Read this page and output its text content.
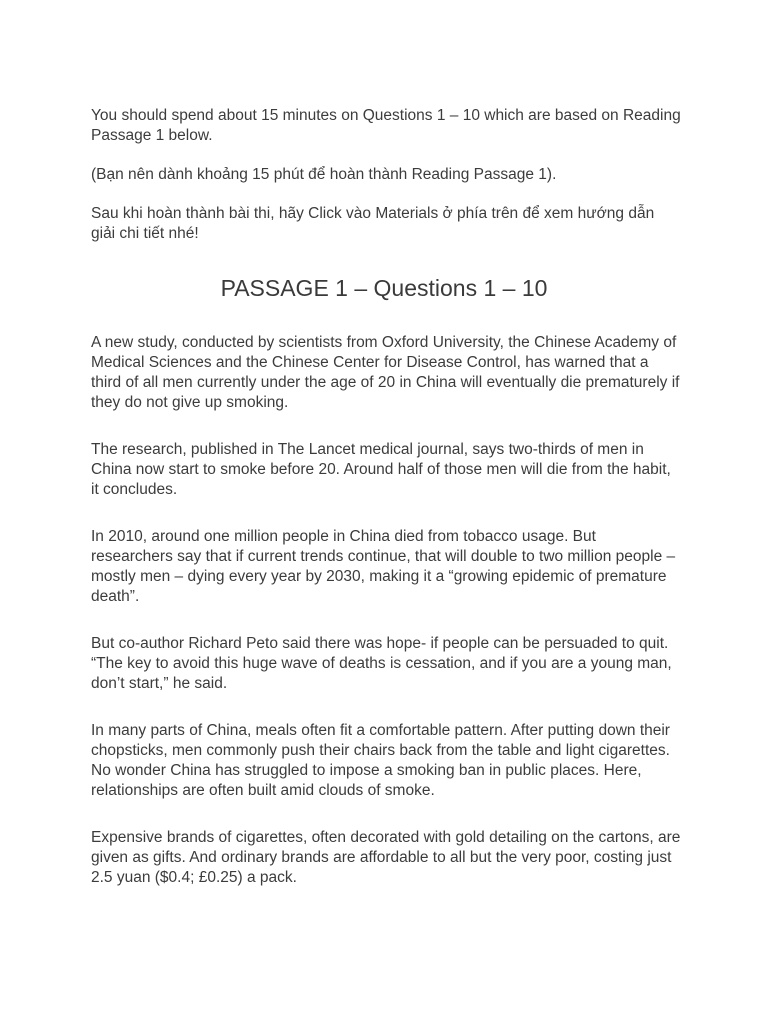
You should spend about 15 minutes on Questions 1 – 10 which are based on Reading Passage 1 below.

(Bạn nên dành khoảng 15 phút để hoàn thành Reading Passage 1).

Sau khi hoàn thành bài thi, hãy Click vào Materials ở phía trên để xem hướng dẫn giải chi tiết nhé!

PASSAGE 1 – Questions 1 – 10

A new study, conducted by scientists from Oxford University, the Chinese Academy of Medical Sciences and the Chinese Center for Disease Control, has warned that a third of all men currently under the age of 20 in China will eventually die prematurely if they do not give up smoking.

The research, published in The Lancet medical journal, says two-thirds of men in China now start to smoke before 20. Around half of those men will die from the habit, it concludes.

In 2010, around one million people in China died from tobacco usage. But researchers say that if current trends continue, that will double to two million people – mostly men – dying every year by 2030, making it a “growing epidemic of premature death”.

But co-author Richard Peto said there was hope- if people can be persuaded to quit. “The key to avoid this huge wave of deaths is cessation, and if you are a young man, don’t start,” he said.

In many parts of China, meals often fit a comfortable pattern. After putting down their chopsticks, men commonly push their chairs back from the table and light cigarettes. No wonder China has struggled to impose a smoking ban in public places. Here, relationships are often built amid clouds of smoke.

Expensive brands of cigarettes, often decorated with gold detailing on the cartons, are given as gifts. And ordinary brands are affordable to all but the very poor, costing just 2.5 yuan ($0.4; £0.25) a pack.
